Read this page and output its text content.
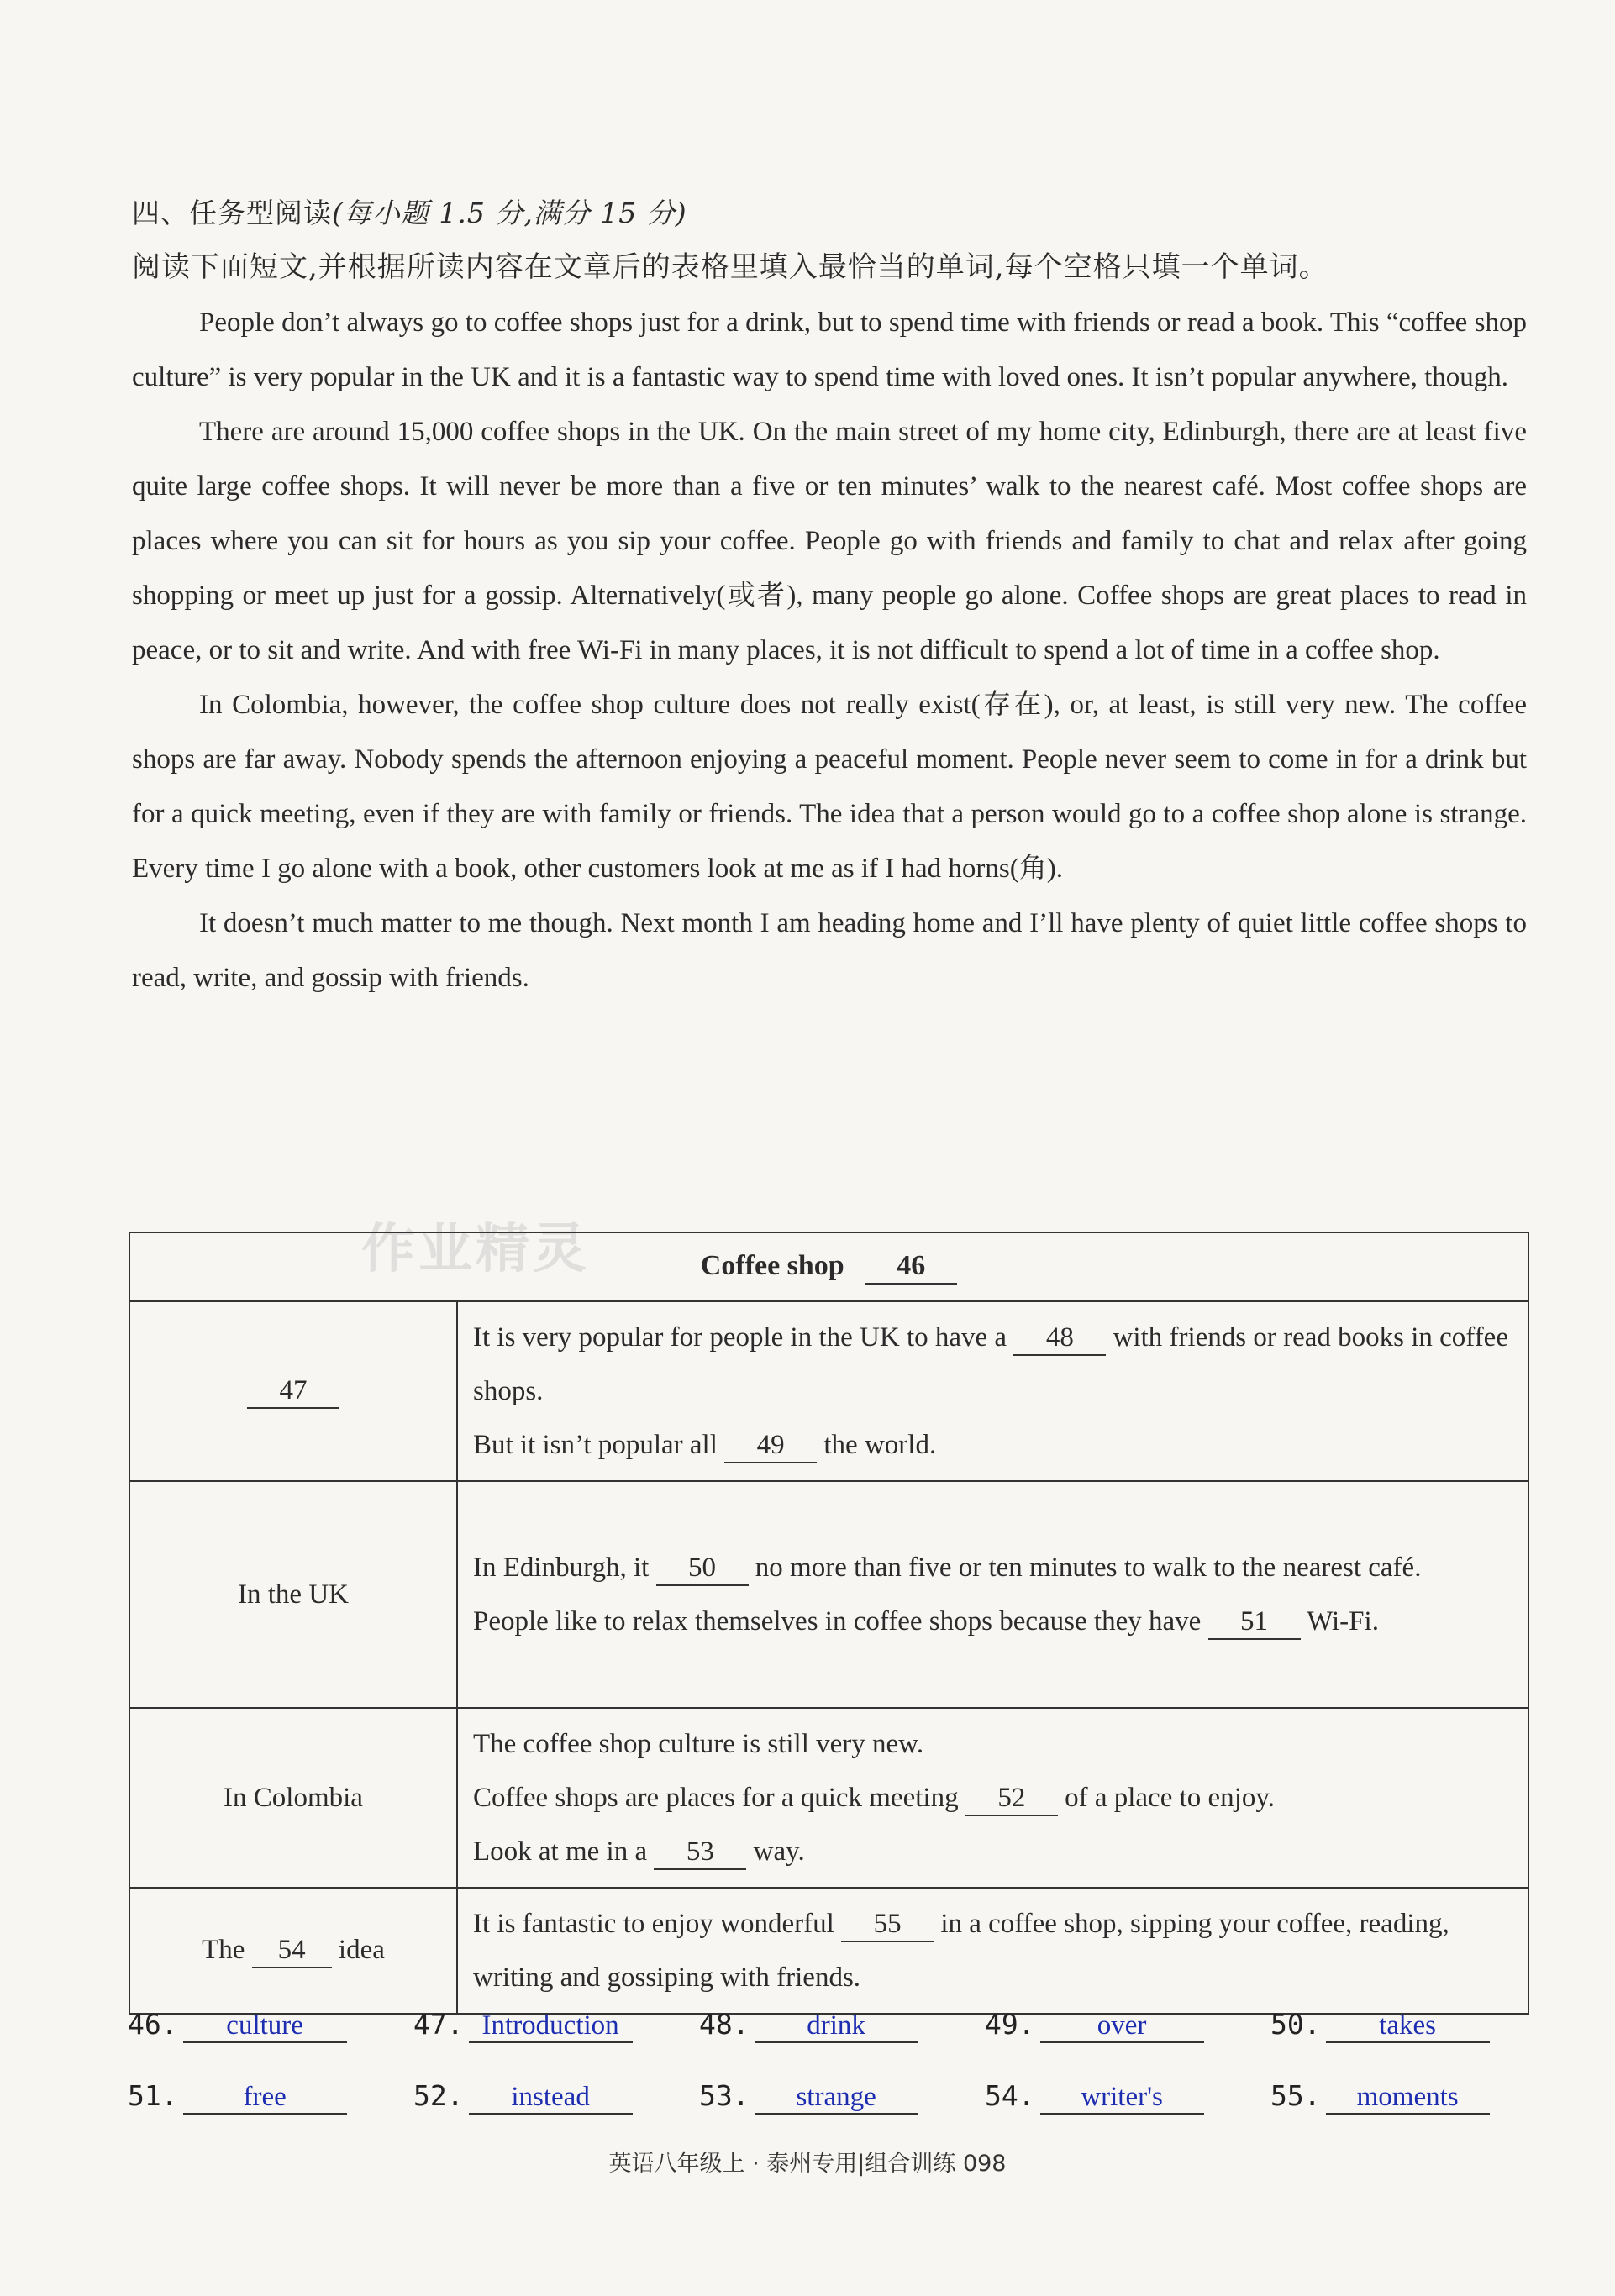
四、任务型阅读(每小题 1.5 分,满分 15 分)
阅读下面短文,并根据所读内容在文章后的表格里填入最恰当的单词,每个空格只填一个单词。

People don’t always go to coffee shops just for a drink, but to spend time with friends or read a book. This “coffee shop culture” is very popular in the UK and it is a fantastic way to spend time with loved ones. It isn’t popular anywhere, though.

There are around 15,000 coffee shops in the UK. On the main street of my home city, Edinburgh, there are at least five quite large coffee shops. It will never be more than a five or ten minutes’ walk to the nearest café. Most coffee shops are places where you can sit for hours as you sip your coffee. People go with friends and family to chat and relax after going shopping or meet up just for a gossip. Alternatively(或者), many people go alone. Coffee shops are great places to read in peace, or to sit and write. And with free Wi-Fi in many places, it is not difficult to spend a lot of time in a coffee shop.

In Colombia, however, the coffee shop culture does not really exist(存在), or, at least, is still very new. The coffee shops are far away. Nobody spends the afternoon enjoying a peaceful moment. People never seem to come in for a drink but for a quick meeting, even if they are with family or friends. The idea that a person would go to a coffee shop alone is strange. Every time I go alone with a book, other customers look at me as if I had horns(角).

It doesn’t much matter to me though. Next month I am heading home and I’ll have plenty of quiet little coffee shops to read, write, and gossip with friends.

作业精灵	Coffee shop 46	
47	It is very popular for people in the UK to have a 48 with friends or read books in coffee shops.
But it isn’t popular all 49 the world.
In the UK	In Edinburgh, it 50 no more than five or ten minutes to walk to the nearest café.
People like to relax themselves in coffee shops because they have 51 Wi-Fi.
In Colombia	The coffee shop culture is still very new.
Coffee shops are places for a quick meeting 52 of a place to enjoy.
Look at me in a 53 way.
The 54 idea	It is fantastic to enjoy wonderful 55 in a coffee shop, sipping your coffee, reading, writing and gossiping with friends.
46. culture	47. Introduction	48. drink	49. over	50. takes
51. free	52. instead	53. strange	54. writer's	55. moments
英语八年级上 · 泰州专用|组合训练 098
